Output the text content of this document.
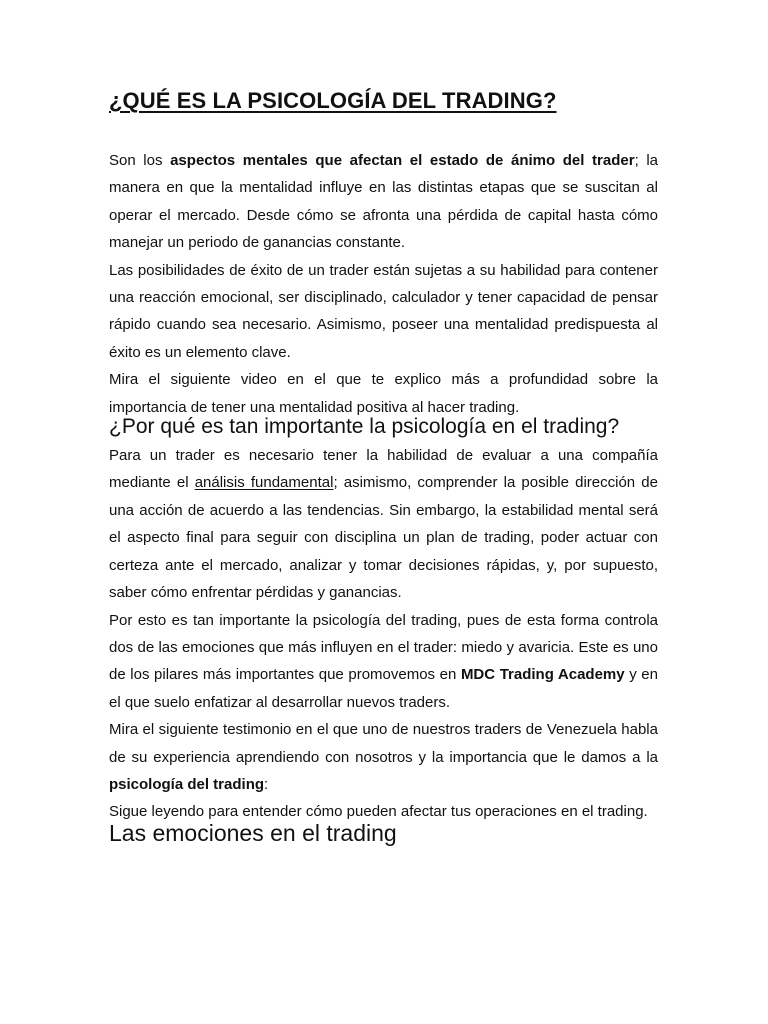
¿QUÉ ES LA PSICOLOGÍA DEL TRADING?

Son los aspectos mentales que afectan el estado de ánimo del trader; la manera en que la mentalidad influye en las distintas etapas que se suscitan al operar el mercado. Desde cómo se afronta una pérdida de capital hasta cómo manejar un periodo de ganancias constante.

Las posibilidades de éxito de un trader están sujetas a su habilidad para contener una reacción emocional, ser disciplinado, calculador y tener capacidad de pensar rápido cuando sea necesario. Asimismo, poseer una mentalidad predispuesta al éxito es un elemento clave.

Mira el siguiente video en el que te explico más a profundidad sobre la importancia de tener una mentalidad positiva al hacer trading.

¿Por qué es tan importante la psicología en el trading?

Para un trader es necesario tener la habilidad de evaluar a una compañía mediante el análisis fundamental; asimismo, comprender la posible dirección de una acción de acuerdo a las tendencias. Sin embargo, la estabilidad mental será el aspecto final para seguir con disciplina un plan de trading, poder actuar con certeza ante el mercado, analizar y tomar decisiones rápidas, y, por supuesto, saber cómo enfrentar pérdidas y ganancias.

Por esto es tan importante la psicología del trading, pues de esta forma controla dos de las emociones que más influyen en el trader: miedo y avaricia. Este es uno de los pilares más importantes que promovemos en MDC Trading Academy y en el que suelo enfatizar al desarrollar nuevos traders.

Mira el siguiente testimonio en el que uno de nuestros traders de Venezuela habla de su experiencia aprendiendo con nosotros y la importancia que le damos a la psicología del trading:

Sigue leyendo para entender cómo pueden afectar tus operaciones en el trading.

Las emociones en el trading
